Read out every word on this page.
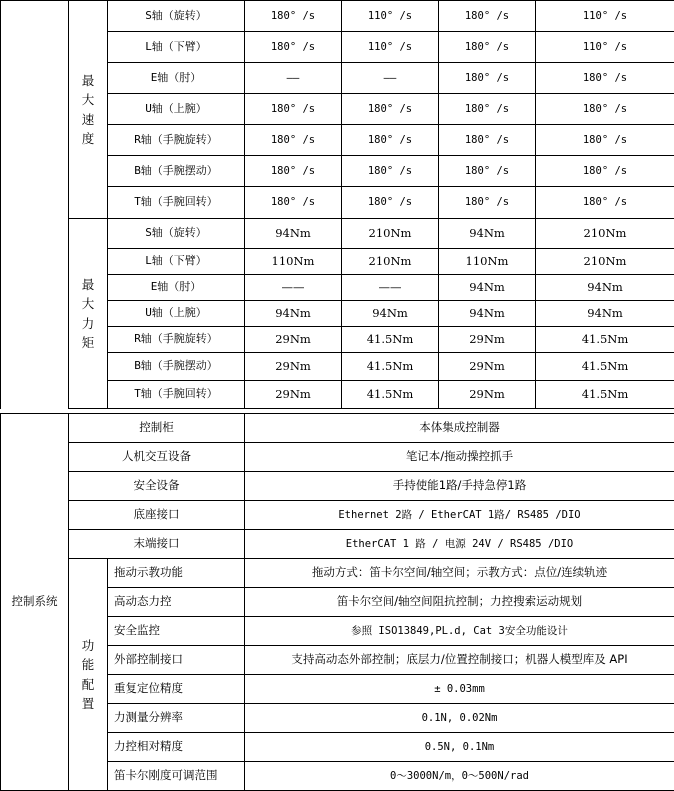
	最
大
速
度	S轴（旋转）	180° /s	110° /s	180° /s	110° /s
		L轴（下臂）	180° /s	110° /s	180° /s	110° /s
		E轴（肘）	——	——	180° /s	180° /s
		U轴（上腕）	180° /s	180° /s	180° /s	180° /s
		R轴（手腕旋转）	180° /s	180° /s	180° /s	180° /s
		B轴（手腕摆动）	180° /s	180° /s	180° /s	180° /s
		T轴（手腕回转）	180° /s	180° /s	180° /s	180° /s

	最
大
力
矩	S轴（旋转）	94Nm	210Nm	94Nm	210Nm
		L轴（下臂）	110Nm	210Nm	110Nm	210Nm
		E轴（肘）	——	——	94Nm	94Nm
		U轴（上腕）	94Nm	94Nm	94Nm	94Nm
		R轴（手腕旋转）	29Nm	41.5Nm	29Nm	41.5Nm
		B轴（手腕摆动）	29Nm	41.5Nm	29Nm	41.5Nm
		T轴（手腕回转）	29Nm	41.5Nm	29Nm	41.5Nm
控制系统	控制柜		本体集成控制器
	人机交互设备		笔记本/拖动操控抓手
	安全设备		手持使能1路/手持急停1路
	底座接口		Ethernet 2路 / EtherCAT 1路/ RS485 /DIO
	末端接口		EtherCAT 1 路 / 电源 24V / RS485 /DIO

	功
能
配
置	拖动示教功能	拖动方式：笛卡尔空间/轴空间；示教方式：点位/连续轨迹
		高动态力控	笛卡尔空间/轴空间阻抗控制；力控搜索运动规划
		安全监控	参照 ISO13849,PL.d, Cat 3安全功能设计
		外部控制接口	支持高动态外部控制；底层力/位置控制接口；机器人模型库及 API
		重复定位精度	± 0.03mm
		力测量分辨率	0.1N, 0.02Nm
		力控相对精度	0.5N, 0.1Nm
		笛卡尔刚度可调范围	0～3000N/m，0～500N/rad
